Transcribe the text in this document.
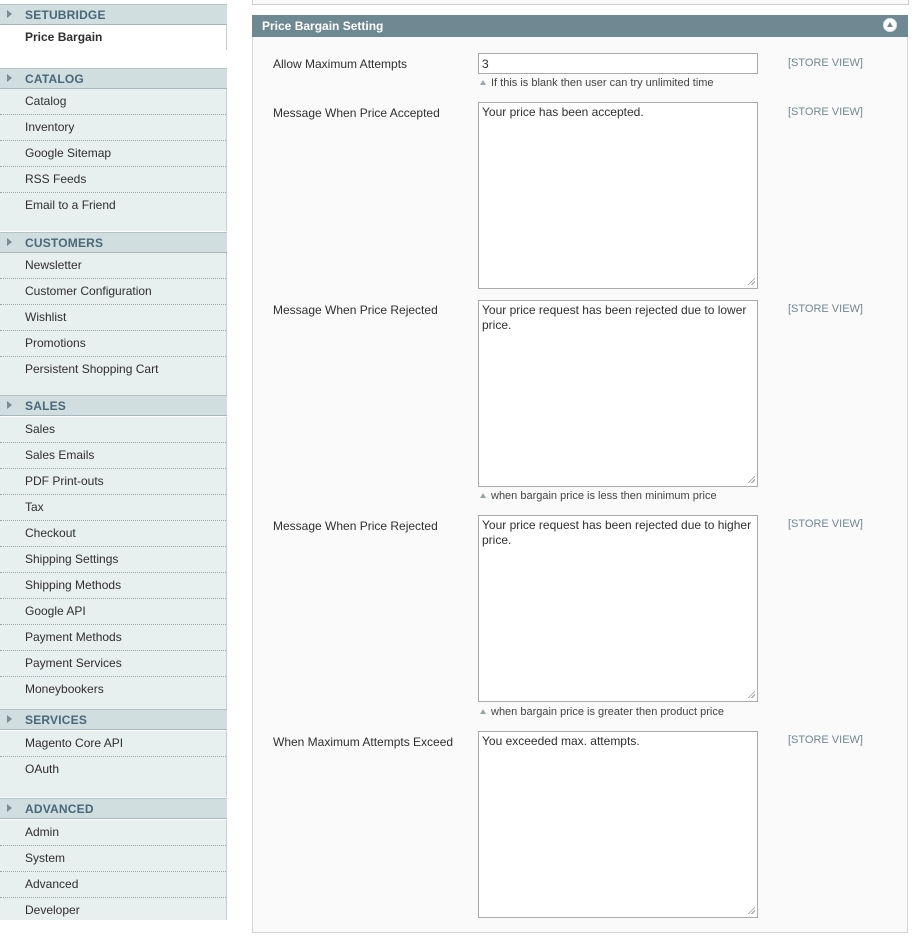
SETUBRIDGE
Price Bargain
CATALOG
Catalog
Inventory
Google Sitemap
RSS Feeds
Email to a Friend
CUSTOMERS
Newsletter
Customer Configuration
Wishlist
Promotions
Persistent Shopping Cart
SALES
Sales
Sales Emails
PDF Print-outs
Tax
Checkout
Shipping Settings
Shipping Methods
Google API
Payment Methods
Payment Services
Moneybookers
SERVICES
Magento Core API
OAuth
ADVANCED
Admin
System
Advanced
Developer
Price Bargain Setting
Allow Maximum Attempts
3	[STORE VIEW]
If this is blank then user can try unlimited time
Message When Price Accepted
Your price has been accepted.	[STORE VIEW]
Message When Price Rejected
Your price request has been rejected due to lower price.	[STORE VIEW]
when bargain price is less then minimum price
Message When Price Rejected
Your price request has been rejected due to higher price.	[STORE VIEW]
when bargain price is greater then product price
When Maximum Attempts Exceed
You exceeded max. attempts.	[STORE VIEW]
